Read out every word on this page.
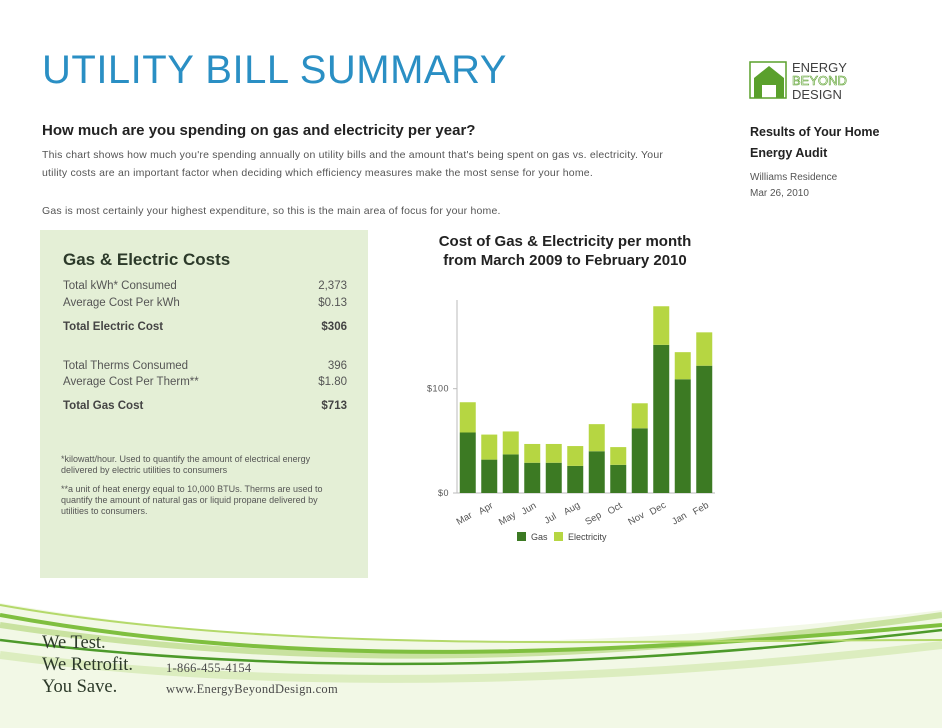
UTILITY BILL SUMMARY
How much are you spending on gas and electricity per year?
This chart shows how much you're spending annually on utility bills and the amount that's being spent on gas vs. electricity. Your
utility costs are an important factor when deciding which efficiency measures make the most sense for your home.
Gas is most certainly your highest expenditure, so this is the main area of focus for your home.
ENERGY
BEYOND
DESIGN
Results of Your Home
Energy Audit
Williams Residence
Mar 26, 2010
Gas & Electric Costs
Total kWh* Consumed	2,373
Average Cost Per kWh	$0.13
Total Electric Cost	$306
Total Therms Consumed	396
Average Cost Per Therm**	$1.80
Total Gas Cost	$713
*kilowatt/hour. Used to quantify the amount of electrical energy delivered by electric utilities to consumers
**a unit of heat energy equal to 10,000 BTUs. Therms are used to quantify the amount of natural gas or liquid propane delivered by utilities to consumers.
Cost of Gas & Electricity per month
from March 2009 to February 2010
$0
$100
Mar
Apr
May
Jun
Jul
Aug
Sep
Oct
Nov
Dec
Jan
Feb
Gas Electricity
We Test.
We Retrofit.
You Save.
1-866-455-4154
www.EnergyBeyondDesign.com
